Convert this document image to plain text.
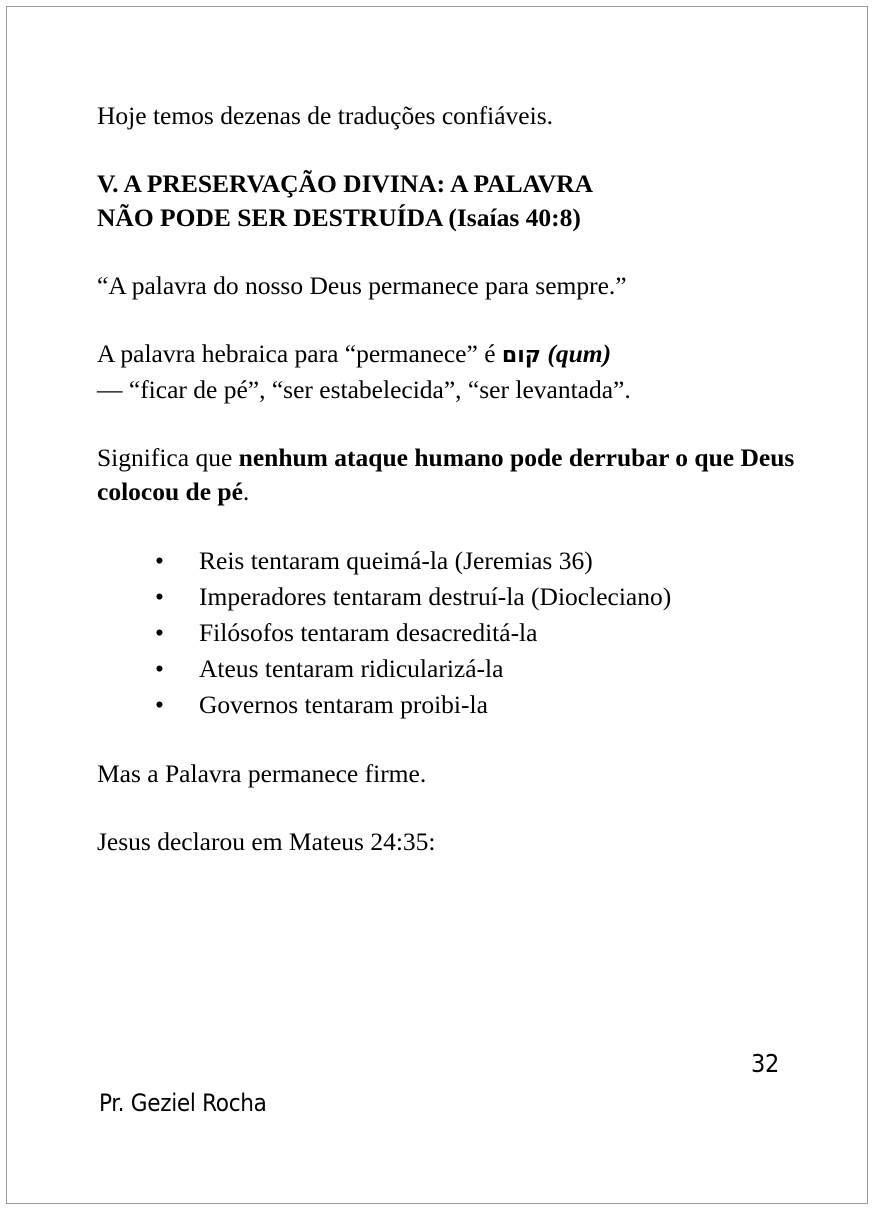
Hoje temos dezenas de traduções confiáveis.

V. A PRESERVAÇÃO DIVINA: A PALAVRA
NÃO PODE SER DESTRUÍDA (Isaías 40:8)

“A palavra do nosso Deus permanece para sempre.”

A palavra hebraica para “permanece” é קום (qum)
— “ficar de pé”, “ser estabelecida”, “ser levantada”.

Significa que nenhum ataque humano pode derrubar o que Deus colocou de pé.

• Reis tentaram queimá-la (Jeremias 36)
• Imperadores tentaram destruí-la (Diocleciano)
• Filósofos tentaram desacreditá-la
• Ateus tentaram ridicularizá-la
• Governos tentaram proibi-la

Mas a Palavra permanece firme.

Jesus declarou em Mateus 24:35:

32
Pr. Geziel Rocha
